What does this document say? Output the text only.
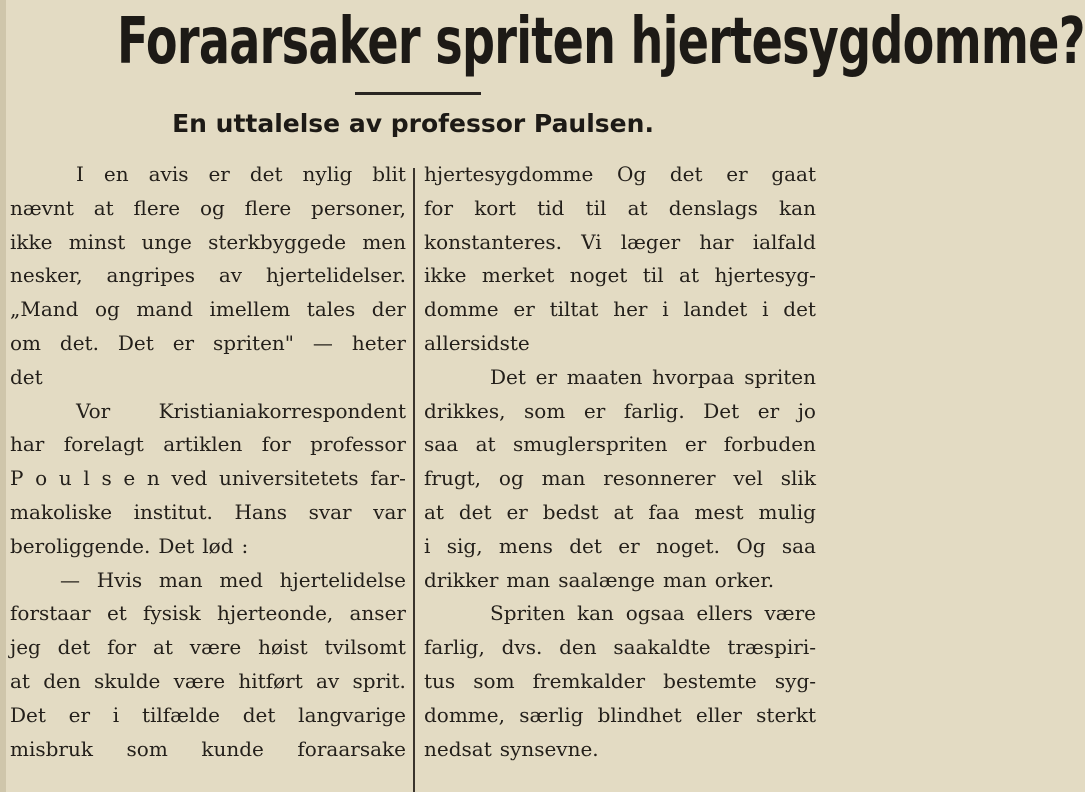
Foraarsaker spriten hjertesygdomme?
En uttalelse av professor Paulsen.
I en avis er det nylig blit
nævnt at flere og flere personer,
ikke minst unge sterkbyggede men
nesker, angripes av hjertelidelser.
„Mand og mand imellem tales der
om det. Det er spriten" — heter
det
Vor Kristianiakorrespondent
har forelagt artiklen for professor
P o u l s e n ved universitetets far-
makoliske institut. Hans svar var
beroliggende. Det lød :
— Hvis man med hjertelidelse
forstaar et fysisk hjerteonde, anser
jeg det for at være høist tvilsomt
at den skulde være hitført av sprit.
Det er i tilfælde det langvarige
misbruk som kunde foraarsake
hjertesygdomme Og det er gaat
for kort tid til at denslags kan
konstanteres. Vi læger har ialfald
ikke merket noget til at hjertesyg-
domme er tiltat her i landet i det
allersidste
Det er maaten hvorpaa spriten
drikkes, som er farlig. Det er jo
saa at smuglerspriten er forbuden
frugt, og man resonnerer vel slik
at det er bedst at faa mest mulig
i sig, mens det er noget. Og saa
drikker man saalænge man orker.
Spriten kan ogsaa ellers være
farlig, dvs. den saakaldte træspiri-
tus som fremkalder bestemte syg-
domme, særlig blindhet eller sterkt
nedsat synsevne.
